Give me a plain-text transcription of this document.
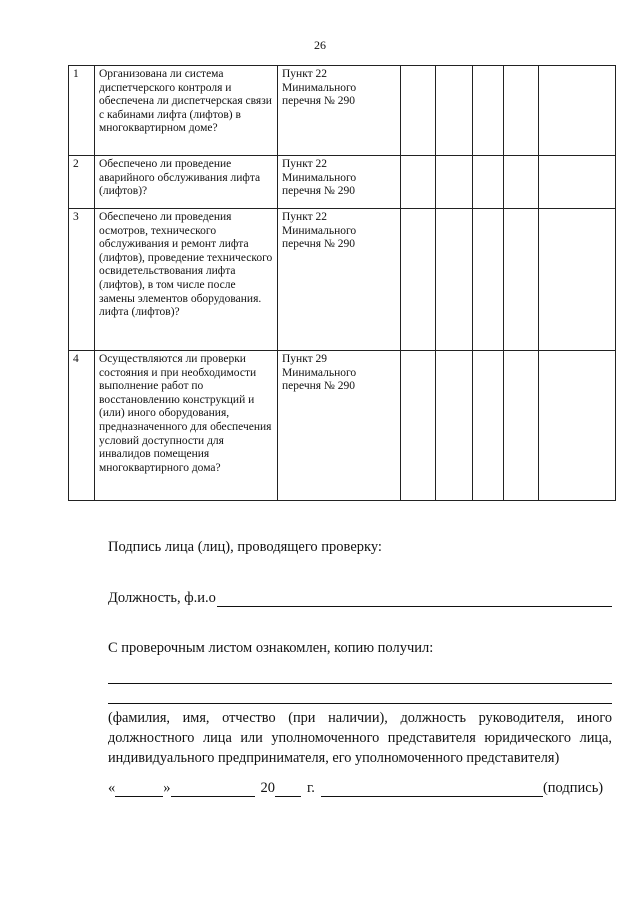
26
1	Организована ли система диспетчерского контроля и обеспечена ли диспетчерская связи с кабинами лифта (лифтов) в многоквартирном доме?	Пункт 22 Минимального перечня № 290					
2	Обеспечено ли проведение аварийного обслуживания лифта (лифтов)?	Пункт 22 Минимального перечня № 290					
3	Обеспечено ли проведения осмотров, технического обслуживания и ремонт лифта (лифтов), проведение технического освидетельствования лифта (лифтов), в том числе после замены элементов оборудования. лифта (лифтов)?	Пункт 22 Минимального перечня № 290					
4	Осуществляются ли проверки состояния и при необходимости выполнение работ по восстановлению конструкций и (или) иного оборудования, предназначенного для обеспечения условий доступности для инвалидов помещения многоквартирного дома?	Пункт 29 Минимального перечня № 290					
Подпись лица (лиц), проводящего проверку:
Должность, ф.и.о
С проверочным листом ознакомлен, копию получил:
(фамилия, имя, отчество (при наличии), должность руководителя, иного должностного лица или уполномоченного представителя юридического лица, индивидуального предпринимателя, его уполномоченного представителя)
«	»	20 г.	(подпись)
